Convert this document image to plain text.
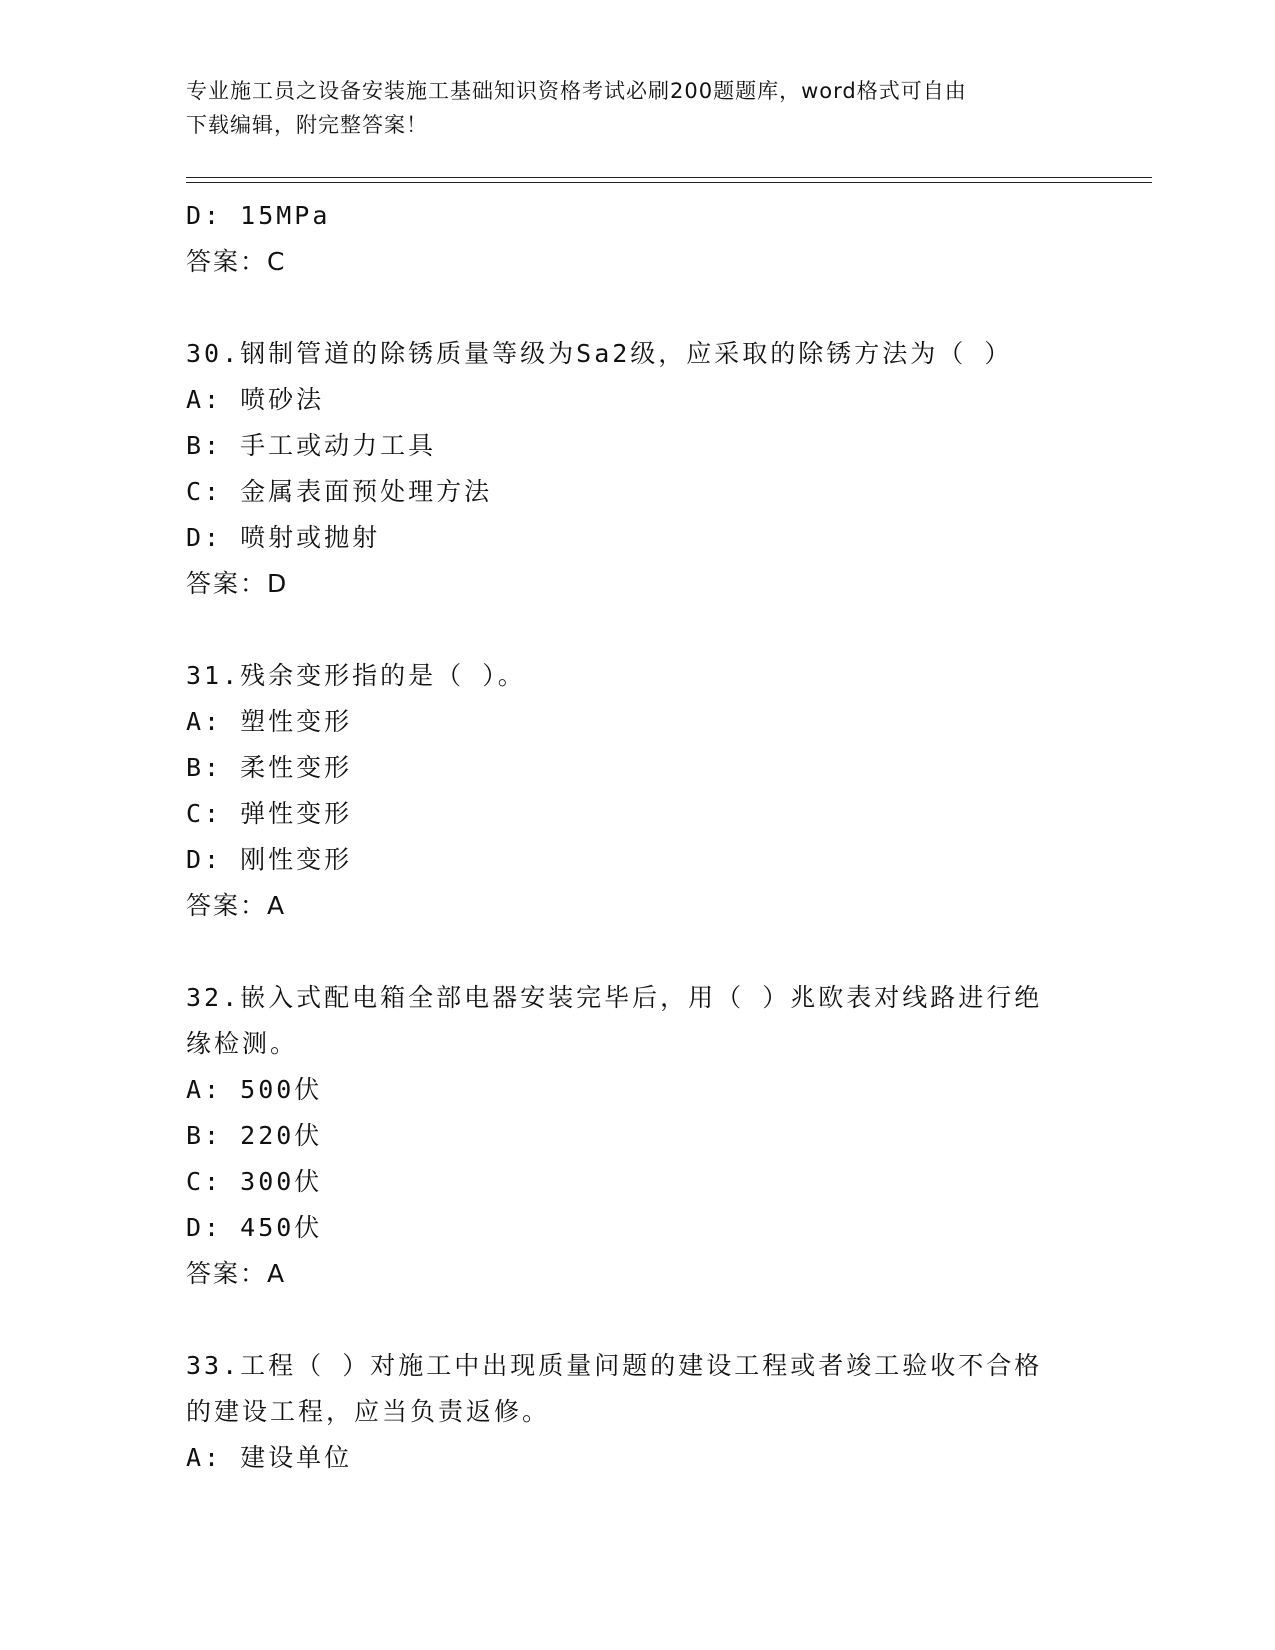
专业施工员之设备安装施工基础知识资格考试必刷200题题库，word格式可自由
下载编辑，附完整答案！
D: 15MPa
答案：C
30.钢制管道的除锈质量等级为Sa2级，应采取的除锈方法为（ ）
A: 喷砂法
B: 手工或动力工具
C: 金属表面预处理方法
D: 喷射或抛射
答案：D
31.残余变形指的是（ ）。
A: 塑性变形
B: 柔性变形
C: 弹性变形
D: 刚性变形
答案：A
32.嵌入式配电箱全部电器安装完毕后，用（ ）兆欧表对线路进行绝
缘检测。
A: 500伏
B: 220伏
C: 300伏
D: 450伏
答案：A
33.工程（ ）对施工中出现质量问题的建设工程或者竣工验收不合格
的建设工程，应当负责返修。
A: 建设单位
